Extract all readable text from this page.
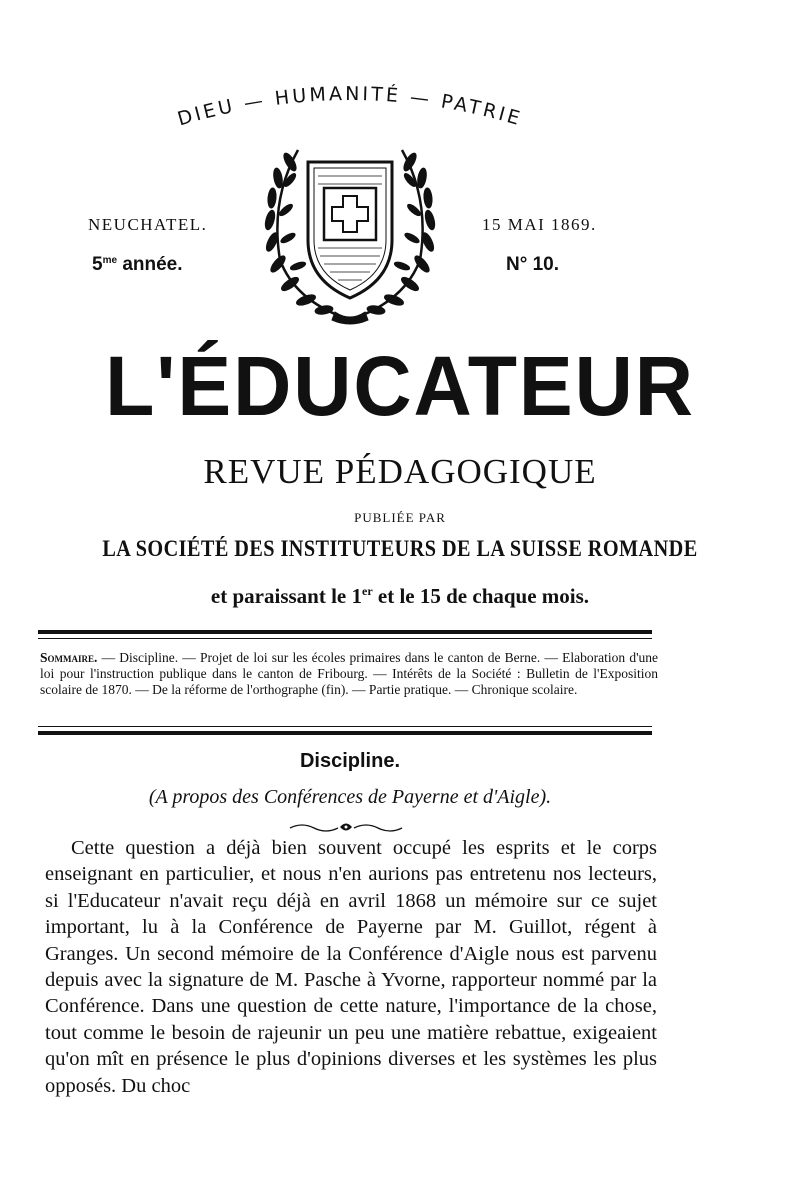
DIEU — HUMANITÉ — PATRIE
NEUCHATEL.	15 MAI 1869.
$5^{me}$ année.	N° 10.
L'ÉDUCATEUR
REVUE PÉDAGOGIQUE
PUBLIÉE PAR
LA SOCIÉTÉ DES INSTITUTEURS DE LA SUISSE ROMANDE
et paraissant le 1er et le 15 de chaque mois.
Sommaire. — Discipline. — Projet de loi sur les écoles primaires dans le canton de Berne. — Elaboration d'une loi pour l'instruction publique dans le canton de Fribourg. — Intérêts de la Société : Bulletin de l'Exposition scolaire de 1870. — De la réforme de l'orthographe (fin). — Partie pratique. — Chronique scolaire.
Discipline.
(A propos des Conférences de Payerne et d'Aigle).

Cette question a déjà bien souvent occupé les esprits et le corps enseignant en particulier, et nous n'en aurions pas entretenu nos lecteurs, si l'Educateur n'avait reçu déjà en avril 1868 un mémoire sur ce sujet important, lu à la Conférence de Payerne par M. Guillot, régent à Granges. Un second mémoire de la Conférence d'Aigle nous est parvenu depuis avec la signature de M. Pasche à Yvorne, rapporteur nommé par la Conférence. Dans une question de cette nature, l'importance de la chose, tout comme le besoin de rajeunir un peu une matière rebattue, exigeaient qu'on mît en présence le plus d'opinions diverses et les systèmes les plus opposés. Du choc
